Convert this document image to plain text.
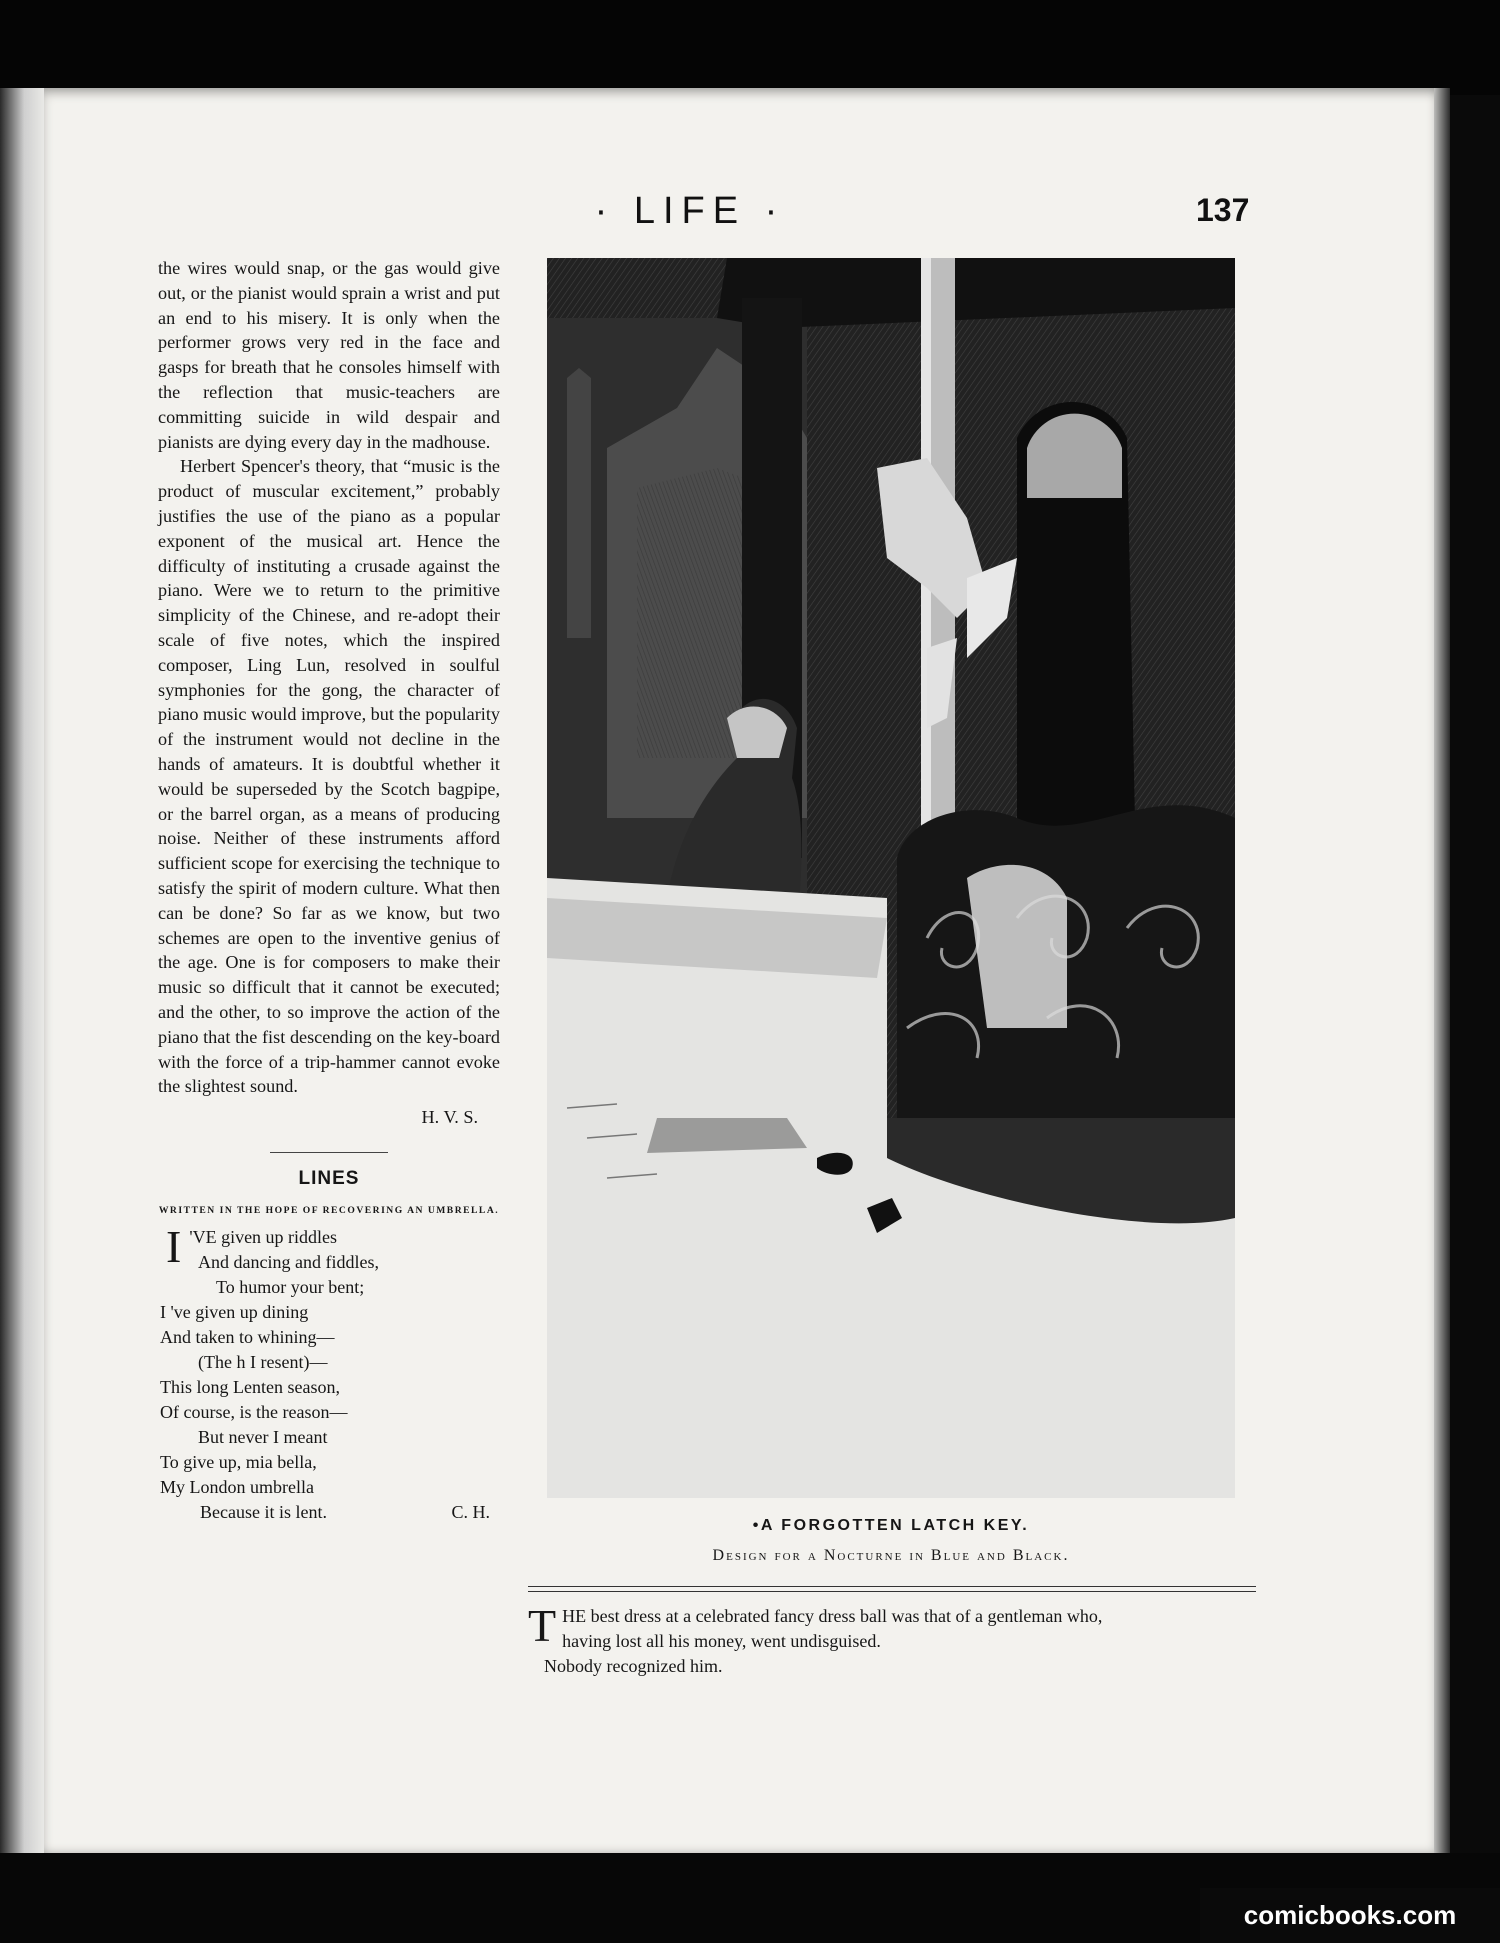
· LIFE ·	137

the wires would snap, or the gas would give out, or the pianist would sprain a wrist and put an end to his misery. It is only when the performer grows very red in the face and gasps for breath that he consoles himself with the reflection that music-teachers are committing suicide in wild despair and pianists are dying every day in the madhouse.

Herbert Spencer's theory, that “music is the product of muscular excitement,” probably justifies the use of the piano as a popular exponent of the musical art. Hence the difficulty of instituting a crusade against the piano. Were we to return to the primitive simplicity of the Chinese, and re-adopt their scale of five notes, which the inspired composer, Ling Lun, resolved in soulful symphonies for the gong, the character of piano music would improve, but the popularity of the instrument would not decline in the hands of amateurs. It is doubtful whether it would be superseded by the Scotch bagpipe, or the barrel organ, as a means of producing noise. Neither of these instruments afford sufficient scope for exercising the technique to satisfy the spirit of modern culture. What then can be done? So far as we know, but two schemes are open to the inventive genius of the age. One is for composers to make their music so difficult that it cannot be executed; and the other, to so improve the action of the piano that the fist descending on the key-board with the force of a trip-hammer cannot evoke the slightest sound.

H. V. S.

LINES
WRITTEN IN THE HOPE OF RECOVERING AN UMBRELLA.
I 'VE given up riddles
And dancing and fiddles,
To humor your bent;
I 've given up dining
And taken to whining—
(The h I resent)—
This long Lenten season,
Of course, is the reason—
But never I meant
To give up, mia bella,
My London umbrella
Because it is lent.	C. H.
•A FORGOTTEN LATCH KEY.
Design for a Nocturne in Blue and Black.
T HE best dress at a celebrated fancy dress ball was that of a gentleman who,
having lost all his money, went undisguised.
Nobody recognized him.
comicbooks.com
